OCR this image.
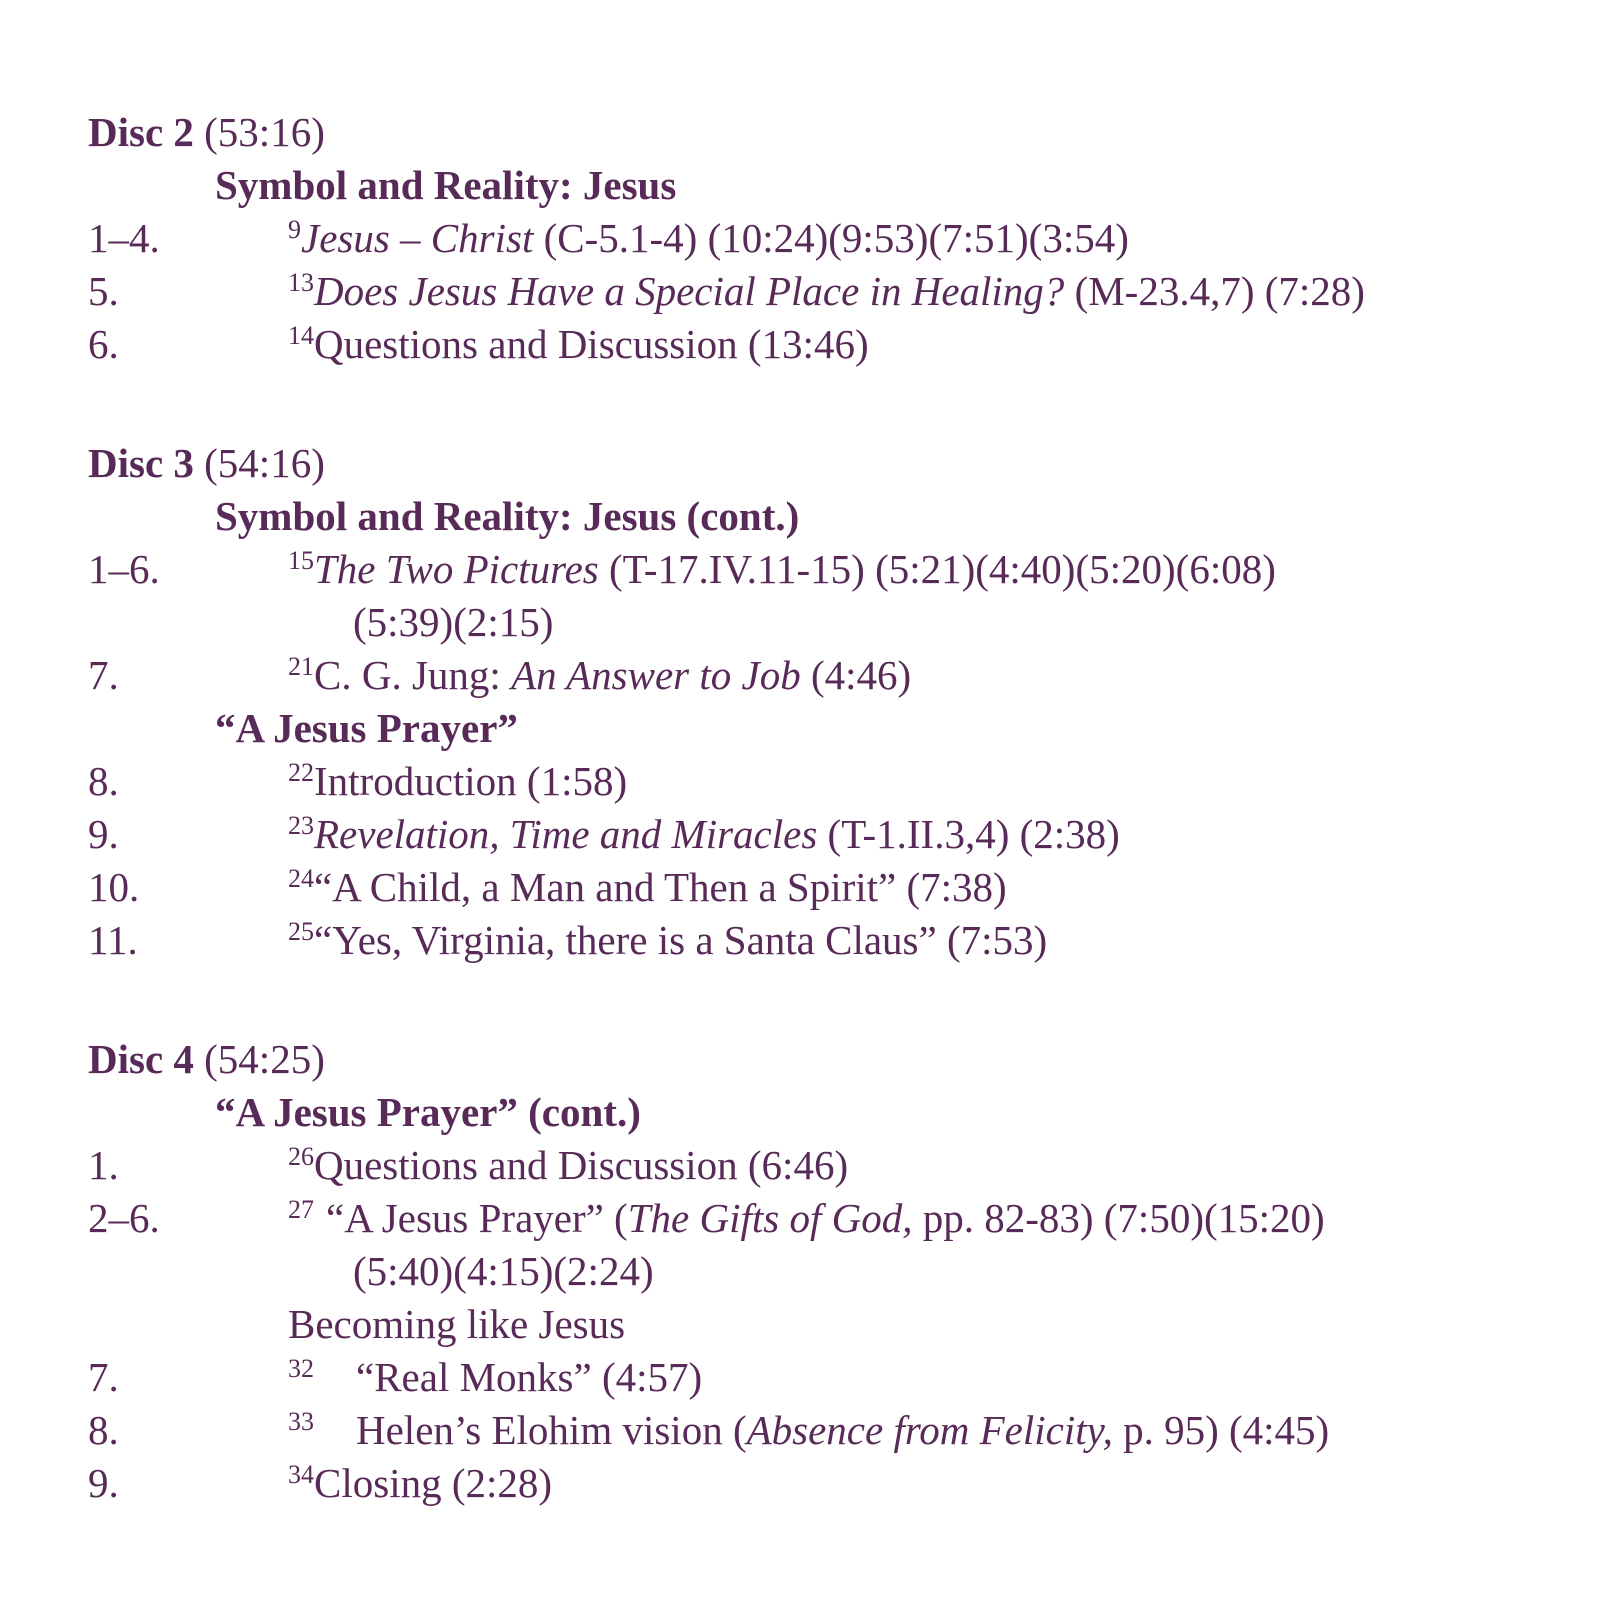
Disc 2 (53:16)
Symbol and Reality: Jesus
1–4.	$^9$Jesus – Christ (C-5.1-4) (10:24)(9:53)(7:51)(3:54)
5.	$^{13}$Does Jesus Have a Special Place in Healing? (M-23.4,7) (7:28)
6.	$^{14}$Questions and Discussion (13:46)
Disc 3 (54:16)
Symbol and Reality: Jesus (cont.)
1–6.	$^{15}$The Two Pictures (T-17.IV.11-15) (5:21)(4:40)(5:20)(6:08)
(5:39)(2:15)
7.	$^{21}$C. G. Jung: An Answer to Job (4:46)
“A Jesus Prayer”
8.	$^{22}$Introduction (1:58)
9.	$^{23}$Revelation, Time and Miracles (T-1.II.3,4) (2:38)
10.	$^{24}$“A Child, a Man and Then a Spirit” (7:38)
11.	$^{25}$“Yes, Virginia, there is a Santa Claus” (7:53)
Disc 4 (54:25)
“A Jesus Prayer” (cont.)
1.	$^{26}$Questions and Discussion (6:46)
2–6.	$^{27}$ “A Jesus Prayer” (The Gifts of God, pp. 82-83) (7:50)(15:20)
(5:40)(4:15)(2:24)
Becoming like Jesus
7.	$^{32}$ “Real Monks” (4:57)
8.	$^{33}$ Helen’s Elohim vision (Absence from Felicity, p. 95) (4:45)
9.	$^{34}$Closing (2:28)
